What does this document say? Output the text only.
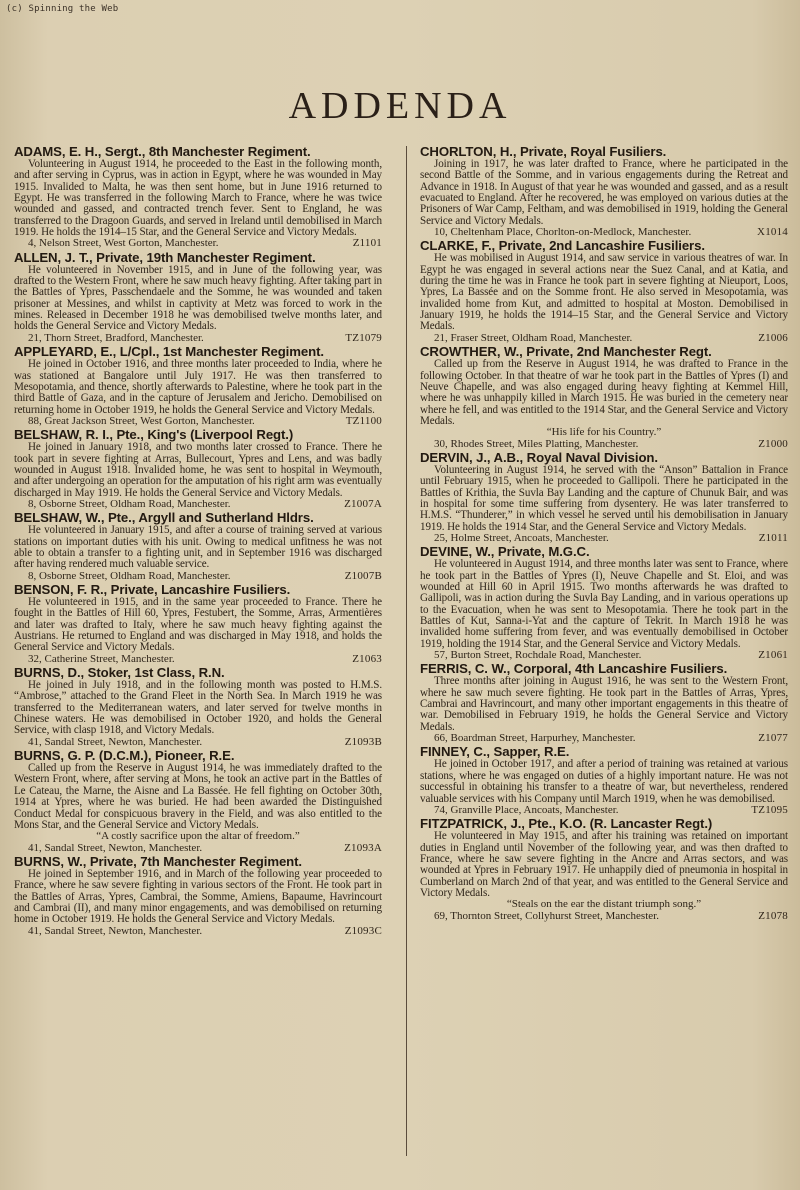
(c) Spinning the Web
ADDENDA
ADAMS, E. H., Sergt., 8th Manchester Regiment.
Volunteering in August 1914, he proceeded to the East in the following month, and after serving in Cyprus, was in action in Egypt, where he was wounded in May 1915. Invalided to Malta, he was then sent home, but in June 1916 returned to Egypt. He was transferred in the following March to France, where he was twice wounded and gassed, and contracted trench fever. Sent to England, he was transferred to the Dragoon Guards, and served in Ireland until demobilised in March 1919. He holds the 1914–15 Star, and the General Service and Victory Medals.
4, Nelson Street, West Gorton, Manchester.	Z1101
ALLEN, J. T., Private, 19th Manchester Regiment.
He volunteered in November 1915, and in June of the following year, was drafted to the Western Front, where he saw much heavy fighting. After taking part in the Battles of Ypres, Passchendaele and the Somme, he was wounded and taken prisoner at Messines, and whilst in captivity at Metz was forced to work in the mines. Released in December 1918 he was demobilised twelve months later, and holds the General Service and Victory Medals.
21, Thorn Street, Bradford, Manchester.	TZ1079
APPLEYARD, E., L/Cpl., 1st Manchester Regiment.
He joined in October 1916, and three months later proceeded to India, where he was stationed at Bangalore until July 1917. He was then transferred to Mesopotamia, and thence, shortly afterwards to Palestine, where he took part in the third Battle of Gaza, and in the capture of Jerusalem and Jericho. Demobilised on returning home in October 1919, he holds the General Service and Victory Medals.
88, Great Jackson Street, West Gorton, Manchester.	TZ1100
BELSHAW, R. I., Pte., King's (Liverpool Regt.)
He joined in January 1918, and two months later crossed to France. There he took part in severe fighting at Arras, Bullecourt, Ypres and Lens, and was badly wounded in August 1918. Invalided home, he was sent to hospital in Weymouth, and after undergoing an operation for the amputation of his right arm was eventually discharged in May 1919. He holds the General Service and Victory Medals.
8, Osborne Street, Oldham Road, Manchester.	Z1007A
BELSHAW, W., Pte., Argyll and Sutherland Hldrs.
He volunteered in January 1915, and after a course of training served at various stations on important duties with his unit. Owing to medical unfitness he was not able to obtain a transfer to a fighting unit, and in September 1916 was discharged after having rendered much valuable service.
8, Osborne Street, Oldham Road, Manchester.	Z1007B
BENSON, F. R., Private, Lancashire Fusiliers.
He volunteered in 1915, and in the same year proceeded to France. There he fought in the Battles of Hill 60, Ypres, Festubert, the Somme, Arras, Armentières and later was drafted to Italy, where he saw much heavy fighting against the Austrians. He returned to England and was discharged in May 1918, and holds the General Service and Victory Medals.
32, Catherine Street, Manchester.	Z1063
BURNS, D., Stoker, 1st Class, R.N.
He joined in July 1918, and in the following month was posted to H.M.S. “Ambrose,” attached to the Grand Fleet in the North Sea. In March 1919 he was transferred to the Mediterranean waters, and later served for twelve months in Chinese waters. He was demobilised in October 1920, and holds the General Service, with clasp 1918, and Victory Medals.
41, Sandal Street, Newton, Manchester.	Z1093B
BURNS, G. P. (D.C.M.), Pioneer, R.E.
Called up from the Reserve in August 1914, he was immediately drafted to the Western Front, where, after serving at Mons, he took an active part in the Battles of Le Cateau, the Marne, the Aisne and La Bassée. He fell fighting on October 30th, 1914 at Ypres, where he was buried. He had been awarded the Distinguished Conduct Medal for conspicuous bravery in the Field, and was also entitled to the Mons Star, and the General Service and Victory Medals.
“A costly sacrifice upon the altar of freedom.”
41, Sandal Street, Newton, Manchester.	Z1093A
BURNS, W., Private, 7th Manchester Regiment.
He joined in September 1916, and in March of the following year proceeded to France, where he saw severe fighting in various sectors of the Front. He took part in the Battles of Arras, Ypres, Cambrai, the Somme, Amiens, Bapaume, Havrincourt and Cambrai (II), and many minor engagements, and was demobilised on returning home in October 1919. He holds the General Service and Victory Medals.
41, Sandal Street, Newton, Manchester.	Z1093C
CHORLTON, H., Private, Royal Fusiliers.
Joining in 1917, he was later drafted to France, where he participated in the second Battle of the Somme, and in various engagements during the Retreat and Advance in 1918. In August of that year he was wounded and gassed, and as a result evacuated to England. After he recovered, he was employed on various duties at the Prisoners of War Camp, Feltham, and was demobilised in 1919, holding the General Service and Victory Medals.
10, Cheltenham Place, Chorlton-on-Medlock, Manchester.	X1014
CLARKE, F., Private, 2nd Lancashire Fusiliers.
He was mobilised in August 1914, and saw service in various theatres of war. In Egypt he was engaged in several actions near the Suez Canal, and at Katia, and during the time he was in France he took part in severe fighting at Nieuport, Loos, Ypres, La Bassée and on the Somme front. He also served in Mesopotamia, was invalided home from Kut, and admitted to hospital at Moston. Demobilised in January 1919, he holds the 1914–15 Star, and the General Service and Victory Medals.
21, Fraser Street, Oldham Road, Manchester.	Z1006
CROWTHER, W., Private, 2nd Manchester Regt.
Called up from the Reserve in August 1914, he was drafted to France in the following October. In that theatre of war he took part in the Battles of Ypres (I) and Neuve Chapelle, and was also engaged during heavy fighting at Kemmel Hill, where he was unhappily killed in March 1915. He was buried in the cemetery near where he fell, and was entitled to the 1914 Star, and the General Service and Victory Medals.
“His life for his Country.”
30, Rhodes Street, Miles Platting, Manchester.	Z1000
DERVIN, J., A.B., Royal Naval Division.
Volunteering in August 1914, he served with the “Anson” Battalion in France until February 1915, when he proceeded to Gallipoli. There he participated in the Battles of Krithia, the Suvla Bay Landing and the capture of Chunuk Bair, and was in hospital for some time suffering from dysentery. He was later transferred to H.M.S. “Thunderer,” in which vessel he served until his demobilisation in January 1919. He holds the 1914 Star, and the General Service and Victory Medals.
25, Holme Street, Ancoats, Manchester.	Z1011
DEVINE, W., Private, M.G.C.
He volunteered in August 1914, and three months later was sent to France, where he took part in the Battles of Ypres (I), Neuve Chapelle and St. Eloi, and was wounded at Hill 60 in April 1915. Two months afterwards he was drafted to Gallipoli, was in action during the Suvla Bay Landing, and in various operations up to the Evacuation, when he was sent to Mesopotamia. There he took part in the Battles of Kut, Sanna-i-Yat and the capture of Tekrit. In March 1918 he was invalided home suffering from fever, and was eventually demobilised in October 1919, holding the 1914 Star, and the General Service and Victory Medals.
57, Burton Street, Rochdale Road, Manchester.	Z1061
FERRIS, C. W., Corporal, 4th Lancashire Fusiliers.
Three months after joining in August 1916, he was sent to the Western Front, where he saw much severe fighting. He took part in the Battles of Arras, Ypres, Cambrai and Havrincourt, and many other important engagements in this theatre of war. Demobilised in February 1919, he holds the General Service and Victory Medals.
66, Boardman Street, Harpurhey, Manchester.	Z1077
FINNEY, C., Sapper, R.E.
He joined in October 1917, and after a period of training was retained at various stations, where he was engaged on duties of a highly important nature. He was not successful in obtaining his transfer to a theatre of war, but nevertheless, rendered valuable services with his Company until March 1919, when he was demobilised.
74, Granville Place, Ancoats, Manchester.	TZ1095
FITZPATRICK, J., Pte., K.O. (R. Lancaster Regt.)
He volunteered in May 1915, and after his training was retained on important duties in England until November of the following year, and was then drafted to France, where he saw severe fighting in the Ancre and Arras sectors, and was wounded at Ypres in February 1917. He unhappily died of pneumonia in hospital in Cumberland on March 2nd of that year, and was entitled to the General Service and Victory Medals.
“Steals on the ear the distant triumph song.”
69, Thornton Street, Collyhurst Street, Manchester.	Z1078
